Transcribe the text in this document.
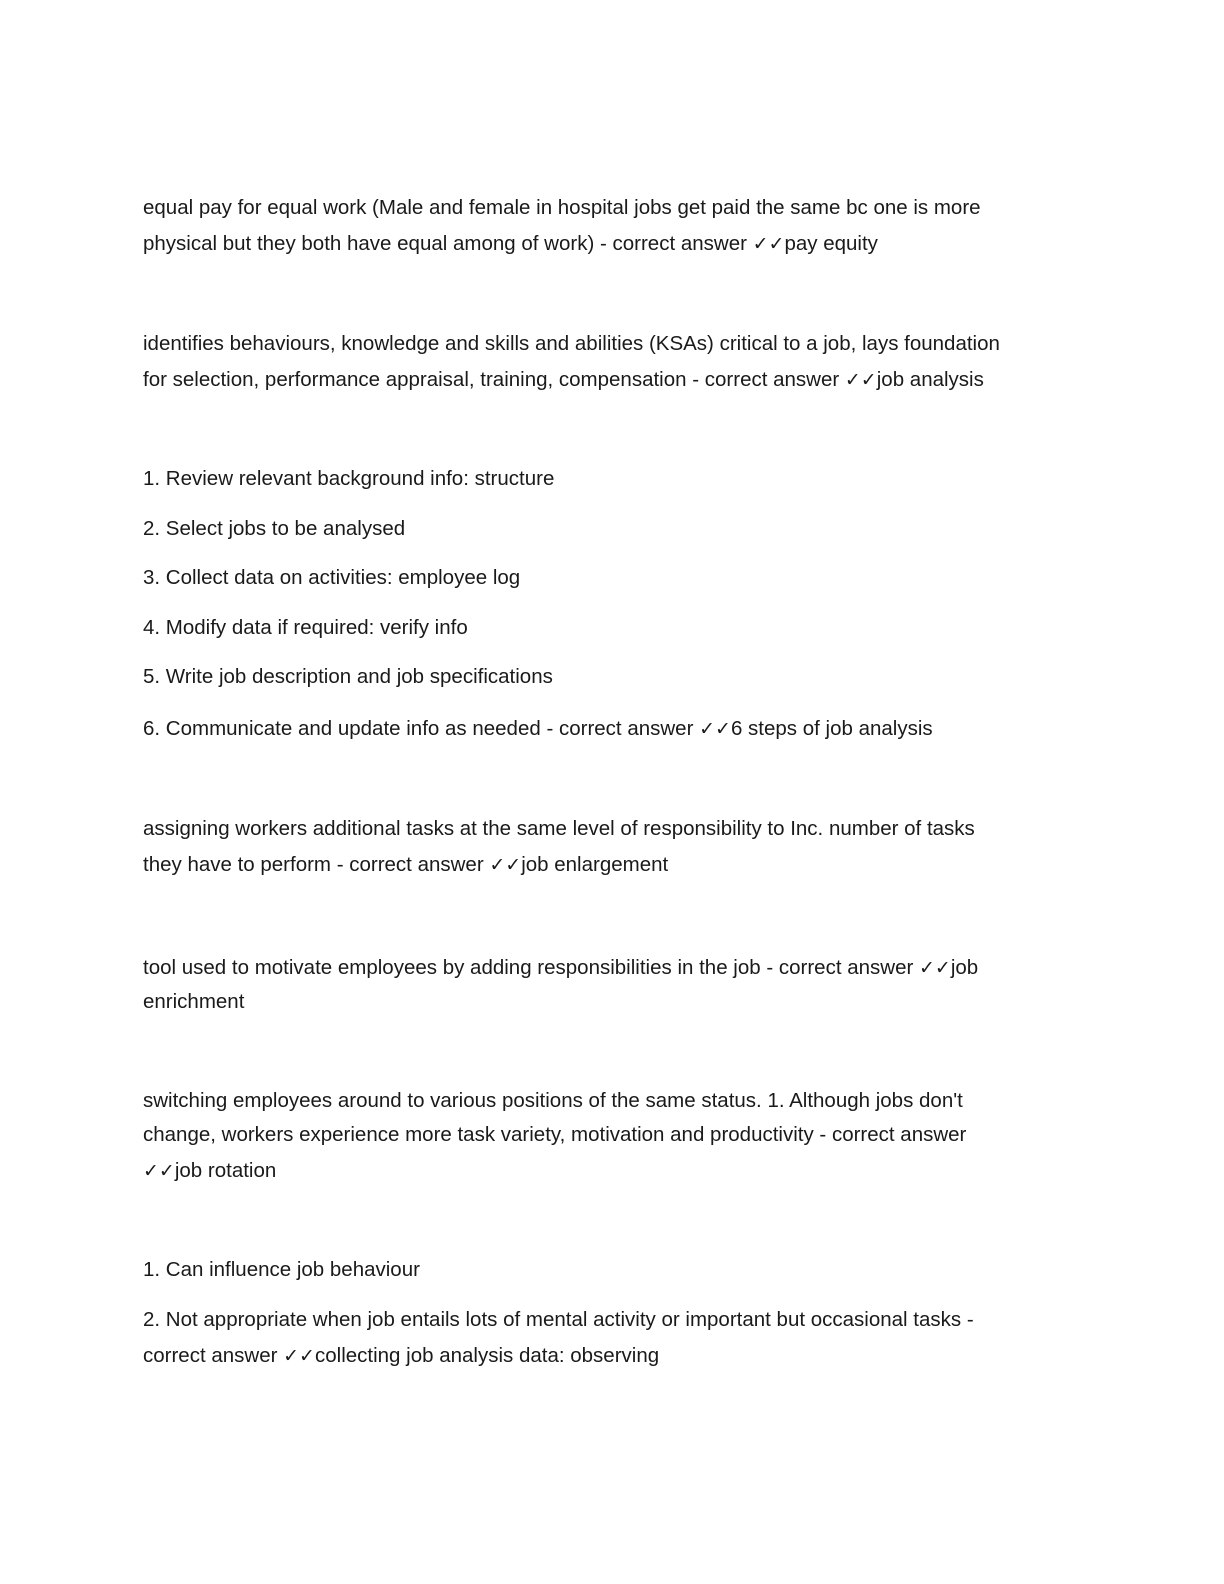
equal pay for equal work (Male and female in hospital jobs get paid the same bc one is more
physical but they both have equal among of work) - correct answer ✓✓pay equity
identifies behaviours, knowledge and skills and abilities (KSAs) critical to a job, lays foundation
for selection, performance appraisal, training, compensation - correct answer ✓✓job analysis
1. Review relevant background info: structure
2. Select jobs to be analysed
3. Collect data on activities: employee log
4. Modify data if required: verify info
5. Write job description and job specifications
6. Communicate and update info as needed - correct answer ✓✓6 steps of job analysis
assigning workers additional tasks at the same level of responsibility to Inc. number of tasks
they have to perform - correct answer ✓✓job enlargement
tool used to motivate employees by adding responsibilities in the job - correct answer ✓✓job
enrichment
switching employees around to various positions of the same status. 1. Although jobs don't
change, workers experience more task variety, motivation and productivity - correct answer
✓✓job rotation
1. Can influence job behaviour
2. Not appropriate when job entails lots of mental activity or important but occasional tasks -
correct answer ✓✓collecting job analysis data: observing
